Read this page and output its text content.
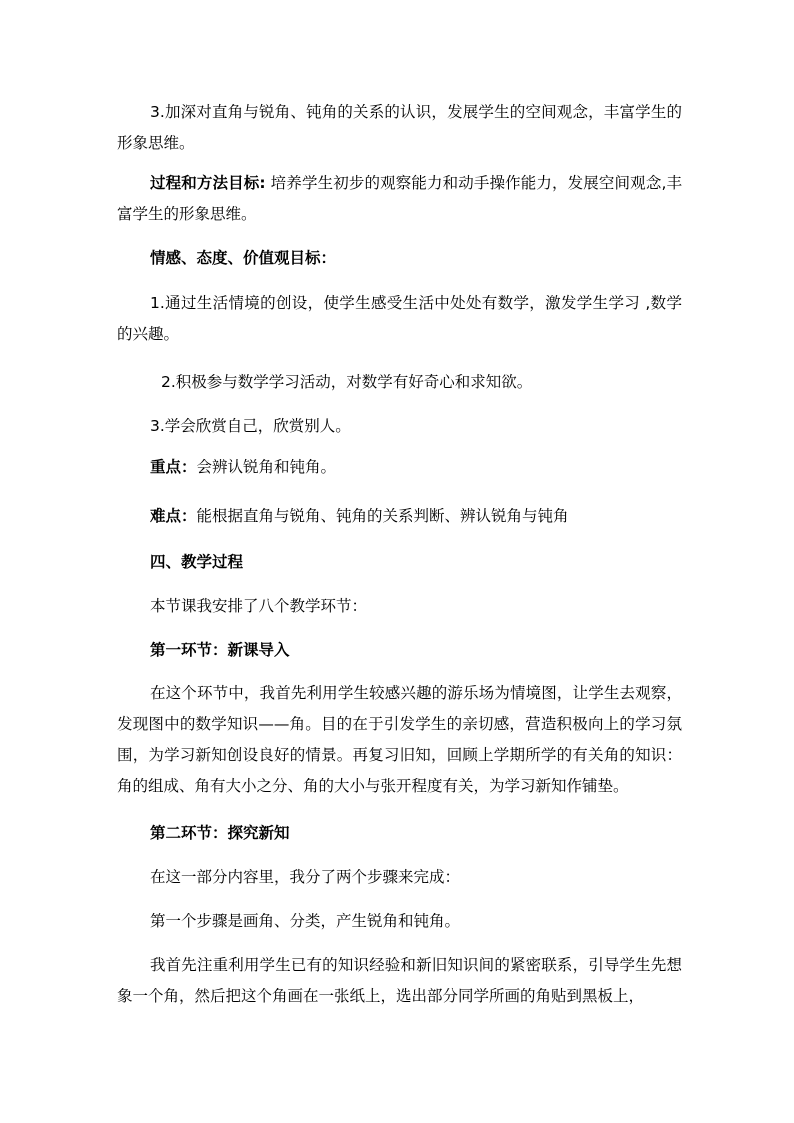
3.加深对直角与锐角、钝角的关系的认识，发展学生的空间观念，丰富学生的形象思维。

过程和方法目标: 培养学生初步的观察能力和动手操作能力，发展空间观念,丰富学生的形象思维。

情感、态度、价值观目标：

1.通过生活情境的创设，使学生感受生活中处处有数学，激发学生学习 ,数学的兴趣。

2.积极参与数学学习活动，对数学有好奇心和求知欲。

3.学会欣赏自己，欣赏别人。

重点：会辨认锐角和钝角。

难点：能根据直角与锐角、钝角的关系判断、辨认锐角与钝角

四、教学过程

本节课我安排了八个教学环节：

第一环节：新课导入

在这个环节中，我首先利用学生较感兴趣的游乐场为情境图，让学生去观察，发现图中的数学知识——角。目的在于引发学生的亲切感，营造积极向上的学习氛围，为学习新知创设良好的情景。再复习旧知，回顾上学期所学的有关角的知识：角的组成、角有大小之分、角的大小与张开程度有关，为学习新知作铺垫。

第二环节：探究新知

在这一部分内容里，我分了两个步骤来完成：

第一个步骤是画角、分类，产生锐角和钝角。

我首先注重利用学生已有的知识经验和新旧知识间的紧密联系，引导学生先想象一个角，然后把这个角画在一张纸上，选出部分同学所画的角贴到黑板上，
